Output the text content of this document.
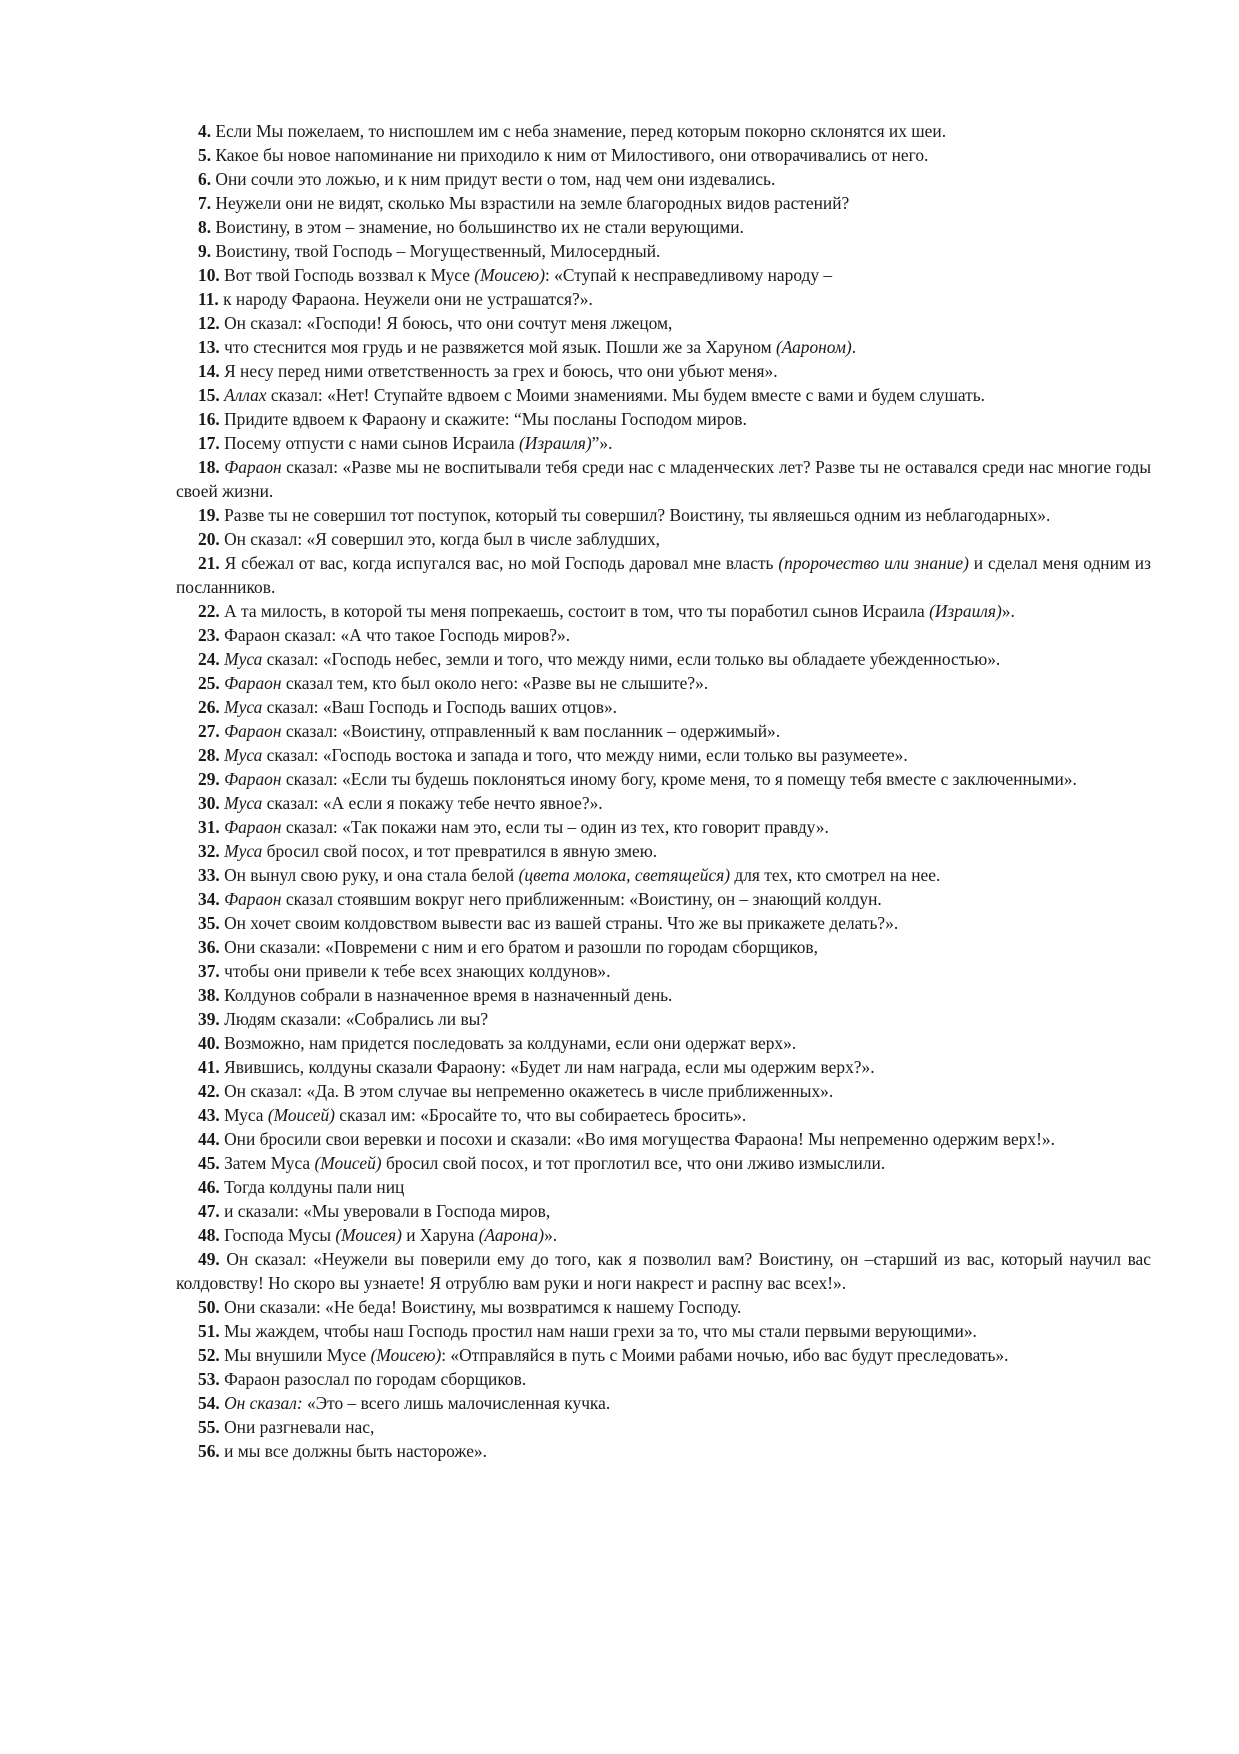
4. Если Мы пожелаем, то ниспошлем им с неба знамение, перед которым покорно склонятся их шеи.

5. Какое бы новое напоминание ни приходило к ним от Милостивого, они отворачивались от него.

6. Они сочли это ложью, и к ним придут вести о том, над чем они издевались.

7. Неужели они не видят, сколько Мы взрастили на земле благородных видов растений?

8. Воистину, в этом – знамение, но большинство их не стали верующими.

9. Воистину, твой Господь – Могущественный, Милосердный.

10. Вот твой Господь воззвал к Мусе (Моисею): «Ступай к несправедливому народу –

11. к народу Фараона. Неужели они не устрашатся?».

12. Он сказал: «Господи! Я боюсь, что они сочтут меня лжецом,

13. что стеснится моя грудь и не развяжется мой язык. Пошли же за Харуном (Аароном).

14. Я несу перед ними ответственность за грех и боюсь, что они убьют меня».

15. Аллах сказал: «Нет! Ступайте вдвоем с Моими знамениями. Мы будем вместе с вами и будем слушать.

16. Придите вдвоем к Фараону и скажите: “Мы посланы Господом миров.

17. Посему отпусти с нами сынов Исраила (Израиля)”».

18. Фараон сказал: «Разве мы не воспитывали тебя среди нас с младенческих лет? Разве ты не оставался среди нас многие годы своей жизни.

19. Разве ты не совершил тот поступок, который ты совершил? Воистину, ты являешься одним из неблагодарных».

20. Он сказал: «Я совершил это, когда был в числе заблудших,

21. Я сбежал от вас, когда испугался вас, но мой Господь даровал мне власть (пророчество или знание) и сделал меня одним из посланников.

22. А та милость, в которой ты меня попрекаешь, состоит в том, что ты поработил сынов Исраила (Израиля)».

23. Фараон сказал: «А что такое Господь миров?».

24. Муса сказал: «Господь небес, земли и того, что между ними, если только вы обладаете убежденностью».

25. Фараон сказал тем, кто был около него: «Разве вы не слышите?».

26. Муса сказал: «Ваш Господь и Господь ваших отцов».

27. Фараон сказал: «Воистину, отправленный к вам посланник – одержимый».

28. Муса сказал: «Господь востока и запада и того, что между ними, если только вы разумеете».

29. Фараон сказал: «Если ты будешь поклоняться иному богу, кроме меня, то я помещу тебя вместе с заключенными».

30. Муса сказал: «А если я покажу тебе нечто явное?».

31. Фараон сказал: «Так покажи нам это, если ты – один из тех, кто говорит правду».

32. Муса бросил свой посох, и тот превратился в явную змею.

33. Он вынул свою руку, и она стала белой (цвета молока, светящейся) для тех, кто смотрел на нее.

34. Фараон сказал стоявшим вокруг него приближенным: «Воистину, он – знающий колдун.

35. Он хочет своим колдовством вывести вас из вашей страны. Что же вы прикажете делать?».

36. Они сказали: «Повремени с ним и его братом и разошли по городам сборщиков,

37. чтобы они привели к тебе всех знающих колдунов».

38. Колдунов собрали в назначенное время в назначенный день.

39. Людям сказали: «Собрались ли вы?

40. Возможно, нам придется последовать за колдунами, если они одержат верх».

41. Явившись, колдуны сказали Фараону: «Будет ли нам награда, если мы одержим верх?».

42. Он сказал: «Да. В этом случае вы непременно окажетесь в числе приближенных».

43. Муса (Моисей) сказал им: «Бросайте то, что вы собираетесь бросить».

44. Они бросили свои веревки и посохи и сказали: «Во имя могущества Фараона! Мы непременно одержим верх!».

45. Затем Муса (Моисей) бросил свой посох, и тот проглотил все, что они лживо измыслили.

46. Тогда колдуны пали ниц

47. и сказали: «Мы уверовали в Господа миров,

48. Господа Мусы (Моисея) и Харуна (Аарона)».

49. Он сказал: «Неужели вы поверили ему до того, как я позволил вам? Воистину, он –старший из вас, который научил вас колдовству! Но скоро вы узнаете! Я отрублю вам руки и ноги накрест и распну вас всех!».

50. Они сказали: «Не беда! Воистину, мы возвратимся к нашему Господу.

51. Мы жаждем, чтобы наш Господь простил нам наши грехи за то, что мы стали первыми верующими».

52. Мы внушили Мусе (Моисею): «Отправляйся в путь с Моими рабами ночью, ибо вас будут преследовать».

53. Фараон разослал по городам сборщиков.

54. Он сказал: «Это – всего лишь малочисленная кучка.

55. Они разгневали нас,

56. и мы все должны быть настороже».
